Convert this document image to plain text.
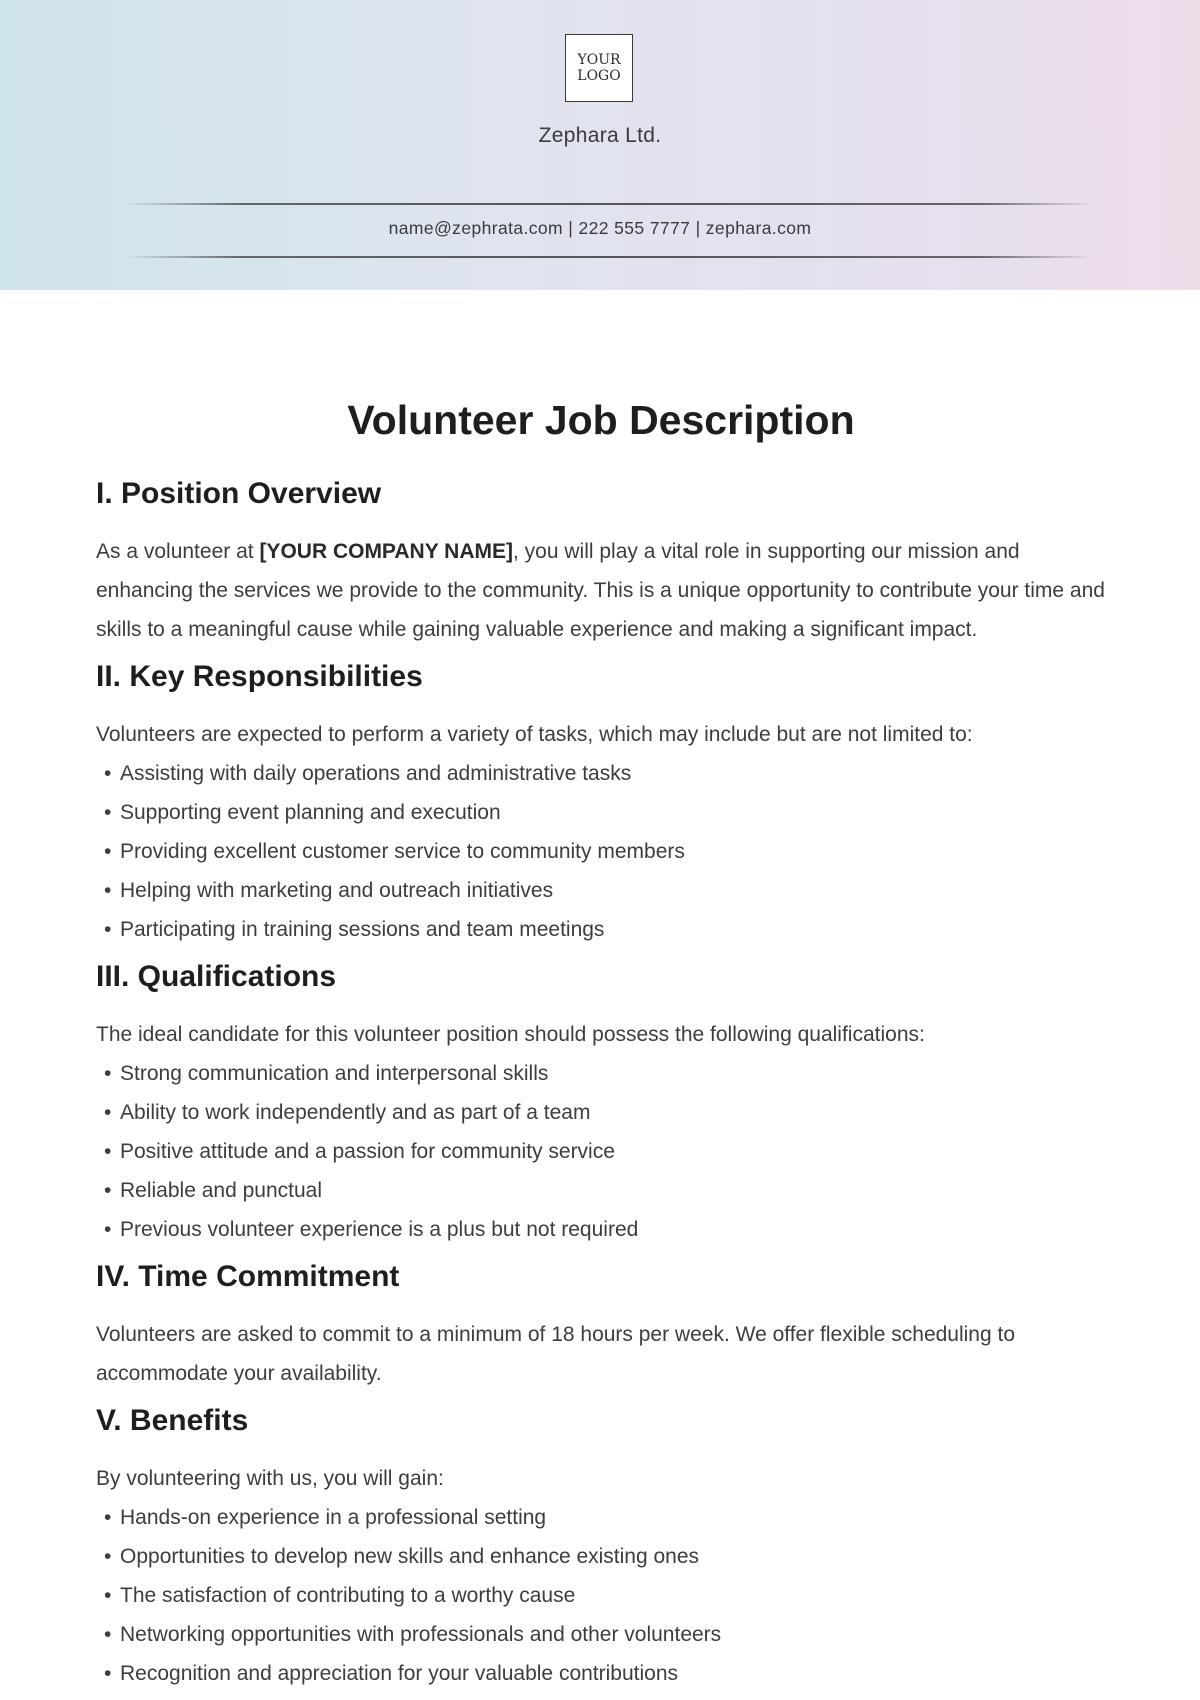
YOUR
LOGO
Zephara Ltd.
name@zephrata.com | 222 555 7777 | zephara.com
Volunteer Job Description
I. Position Overview

As a volunteer at [YOUR COMPANY NAME], you will play a vital role in supporting our mission and enhancing the services we provide to the community. This is a unique opportunity to contribute your time and skills to a meaningful cause while gaining valuable experience and making a significant impact.

II. Key Responsibilities

Volunteers are expected to perform a variety of tasks, which may include but are not limited to:

• Assisting with daily operations and administrative tasks
• Supporting event planning and execution
• Providing excellent customer service to community members
• Helping with marketing and outreach initiatives
• Participating in training sessions and team meetings
III. Qualifications

The ideal candidate for this volunteer position should possess the following qualifications:

• Strong communication and interpersonal skills
• Ability to work independently and as part of a team
• Positive attitude and a passion for community service
• Reliable and punctual
• Previous volunteer experience is a plus but not required
IV. Time Commitment

Volunteers are asked to commit to a minimum of 18 hours per week. We offer flexible scheduling to accommodate your availability.

V. Benefits

By volunteering with us, you will gain:

• Hands-on experience in a professional setting
• Opportunities to develop new skills and enhance existing ones
• The satisfaction of contributing to a worthy cause
• Networking opportunities with professionals and other volunteers
• Recognition and appreciation for your valuable contributions
